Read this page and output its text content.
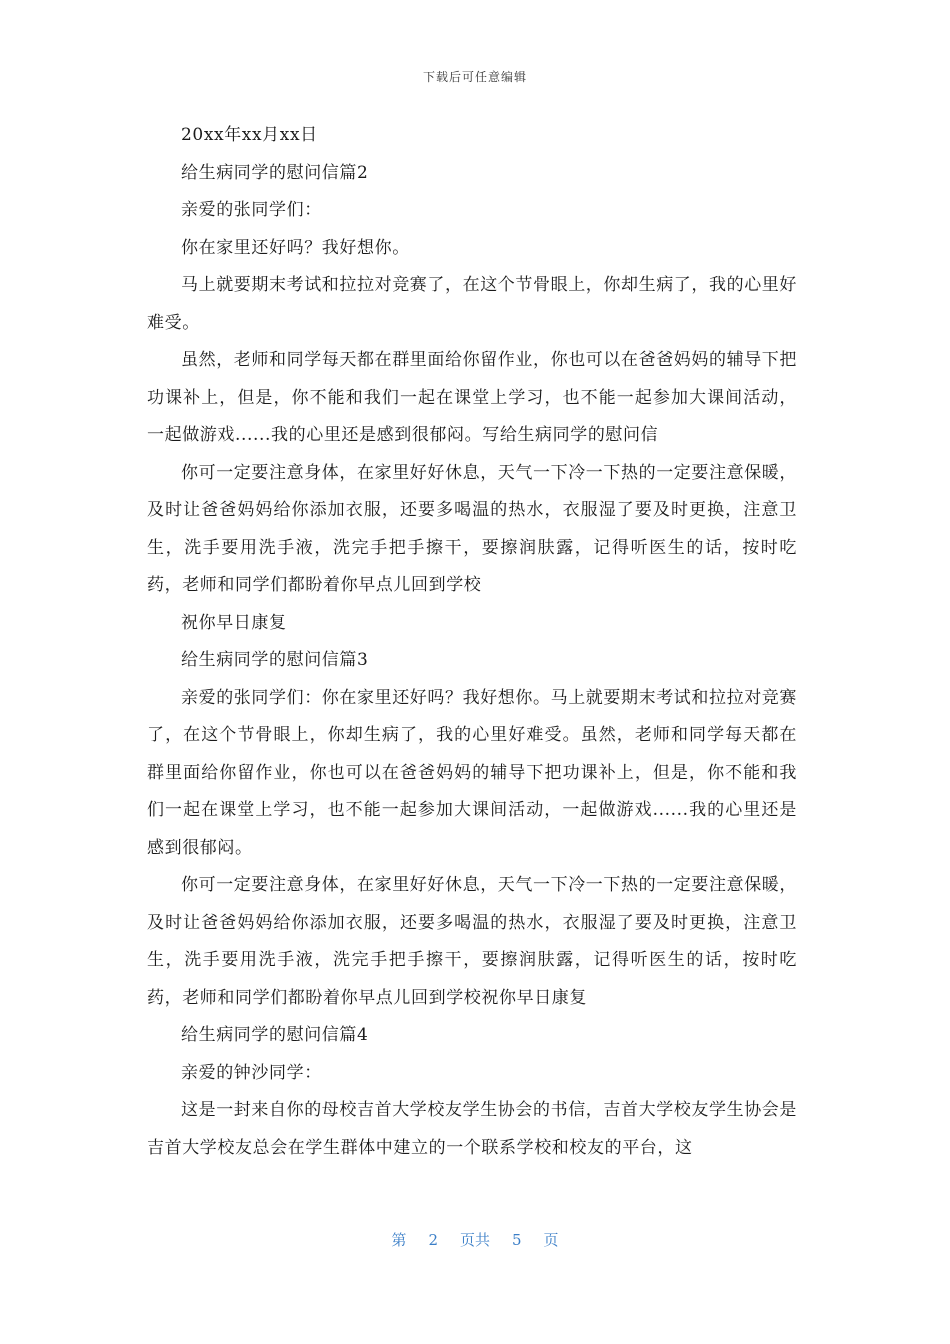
下载后可任意编辑

20xx年xx月xx日

给生病同学的慰问信篇2

亲爱的张同学们：

你在家里还好吗？我好想你。

马上就要期末考试和拉拉对竞赛了，在这个节骨眼上，你却生病了，我的心里好难受。

虽然，老师和同学每天都在群里面给你留作业，你也可以在爸爸妈妈的辅导下把功课补上，但是，你不能和我们一起在课堂上学习，也不能一起参加大课间活动，一起做游戏......我的心里还是感到很郁闷。写给生病同学的慰问信

你可一定要注意身体，在家里好好休息，天气一下冷一下热的一定要注意保暖，及时让爸爸妈妈给你添加衣服，还要多喝温的热水，衣服湿了要及时更换，注意卫生，洗手要用洗手液，洗完手把手擦干，要擦润肤露，记得听医生的话，按时吃药，老师和同学们都盼着你早点儿回到学校

祝你早日康复

给生病同学的慰问信篇3

亲爱的张同学们：你在家里还好吗？我好想你。马上就要期末考试和拉拉对竞赛了，在这个节骨眼上，你却生病了，我的心里好难受。虽然，老师和同学每天都在群里面给你留作业，你也可以在爸爸妈妈的辅导下把功课补上，但是，你不能和我们一起在课堂上学习，也不能一起参加大课间活动，一起做游戏......我的心里还是感到很郁闷。

你可一定要注意身体，在家里好好休息，天气一下冷一下热的一定要注意保暖，及时让爸爸妈妈给你添加衣服，还要多喝温的热水，衣服湿了要及时更换，注意卫生，洗手要用洗手液，洗完手把手擦干，要擦润肤露，记得听医生的话，按时吃药，老师和同学们都盼着你早点儿回到学校祝你早日康复

给生病同学的慰问信篇4

亲爱的钟沙同学：

这是一封来自你的母校吉首大学校友学生协会的书信，吉首大学校友学生协会是吉首大学校友总会在学生群体中建立的一个联系学校和校友的平台，这

第 2 页共 5 页
